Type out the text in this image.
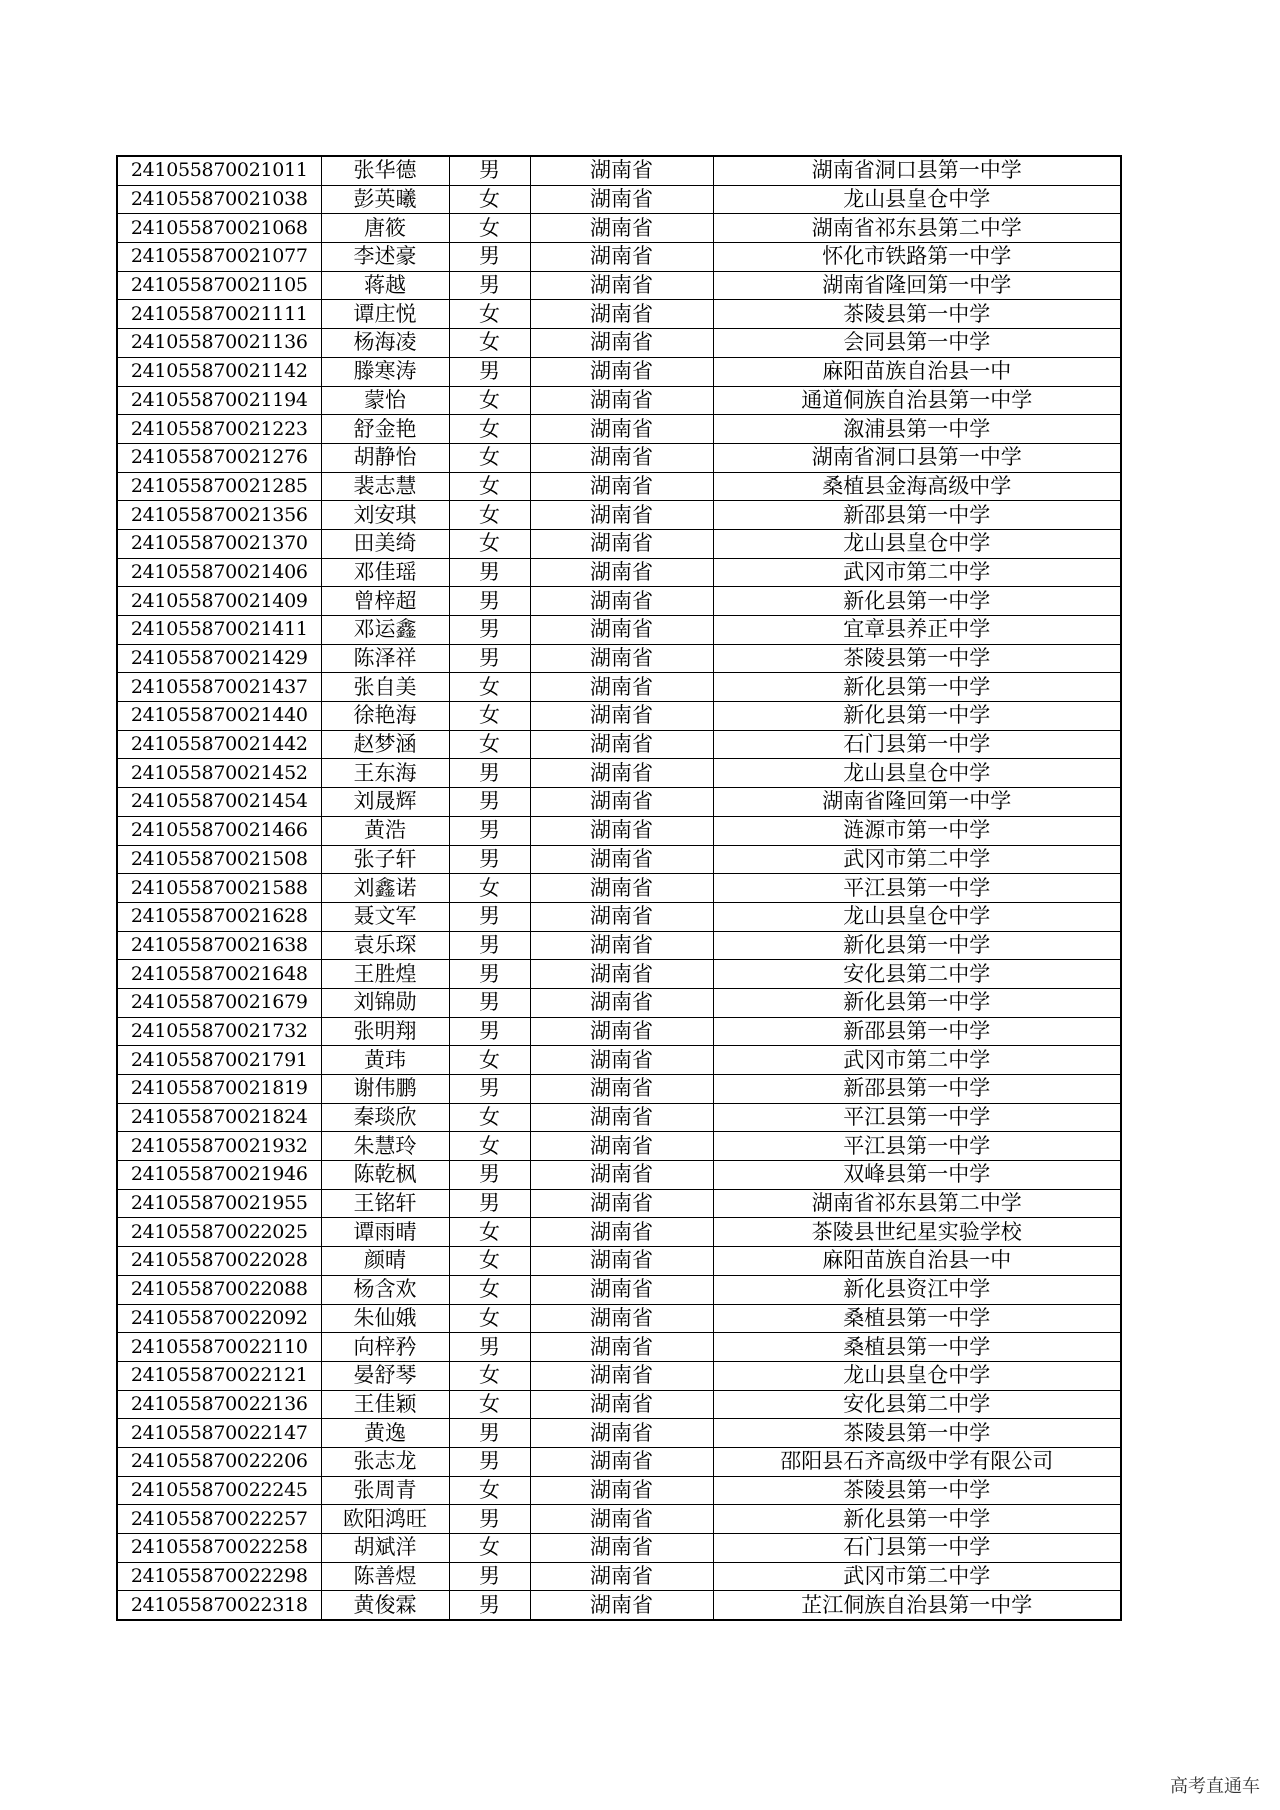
241055870021011	张华德	男	湖南省	湖南省洞口县第一中学
241055870021038	彭英曦	女	湖南省	龙山县皇仓中学
241055870021068	唐筱	女	湖南省	湖南省祁东县第二中学
241055870021077	李述豪	男	湖南省	怀化市铁路第一中学
241055870021105	蒋越	男	湖南省	湖南省隆回第一中学
241055870021111	谭庄悦	女	湖南省	茶陵县第一中学
241055870021136	杨海凌	女	湖南省	会同县第一中学
241055870021142	滕寒涛	男	湖南省	麻阳苗族自治县一中
241055870021194	蒙怡	女	湖南省	通道侗族自治县第一中学
241055870021223	舒金艳	女	湖南省	溆浦县第一中学
241055870021276	胡静怡	女	湖南省	湖南省洞口县第一中学
241055870021285	裴志慧	女	湖南省	桑植县金海高级中学
241055870021356	刘安琪	女	湖南省	新邵县第一中学
241055870021370	田美绮	女	湖南省	龙山县皇仓中学
241055870021406	邓佳瑶	男	湖南省	武冈市第二中学
241055870021409	曾梓超	男	湖南省	新化县第一中学
241055870021411	邓运鑫	男	湖南省	宜章县养正中学
241055870021429	陈泽祥	男	湖南省	茶陵县第一中学
241055870021437	张自美	女	湖南省	新化县第一中学
241055870021440	徐艳海	女	湖南省	新化县第一中学
241055870021442	赵梦涵	女	湖南省	石门县第一中学
241055870021452	王东海	男	湖南省	龙山县皇仓中学
241055870021454	刘晟辉	男	湖南省	湖南省隆回第一中学
241055870021466	黄浩	男	湖南省	涟源市第一中学
241055870021508	张子轩	男	湖南省	武冈市第二中学
241055870021588	刘鑫诺	女	湖南省	平江县第一中学
241055870021628	聂文军	男	湖南省	龙山县皇仓中学
241055870021638	袁乐琛	男	湖南省	新化县第一中学
241055870021648	王胜煌	男	湖南省	安化县第二中学
241055870021679	刘锦勋	男	湖南省	新化县第一中学
241055870021732	张明翔	男	湖南省	新邵县第一中学
241055870021791	黄玮	女	湖南省	武冈市第二中学
241055870021819	谢伟鹏	男	湖南省	新邵县第一中学
241055870021824	秦琰欣	女	湖南省	平江县第一中学
241055870021932	朱慧玲	女	湖南省	平江县第一中学
241055870021946	陈乾枫	男	湖南省	双峰县第一中学
241055870021955	王铭轩	男	湖南省	湖南省祁东县第二中学
241055870022025	谭雨晴	女	湖南省	茶陵县世纪星实验学校
241055870022028	颜晴	女	湖南省	麻阳苗族自治县一中
241055870022088	杨含欢	女	湖南省	新化县资江中学
241055870022092	朱仙娥	女	湖南省	桑植县第一中学
241055870022110	向梓矜	男	湖南省	桑植县第一中学
241055870022121	晏舒琴	女	湖南省	龙山县皇仓中学
241055870022136	王佳颖	女	湖南省	安化县第二中学
241055870022147	黄逸	男	湖南省	茶陵县第一中学
241055870022206	张志龙	男	湖南省	邵阳县石齐高级中学有限公司
241055870022245	张周青	女	湖南省	茶陵县第一中学
241055870022257	欧阳鸿旺	男	湖南省	新化县第一中学
241055870022258	胡斌洋	女	湖南省	石门县第一中学
241055870022298	陈善煜	男	湖南省	武冈市第二中学
241055870022318	黄俊霖	男	湖南省	芷江侗族自治县第一中学
高考直通车
